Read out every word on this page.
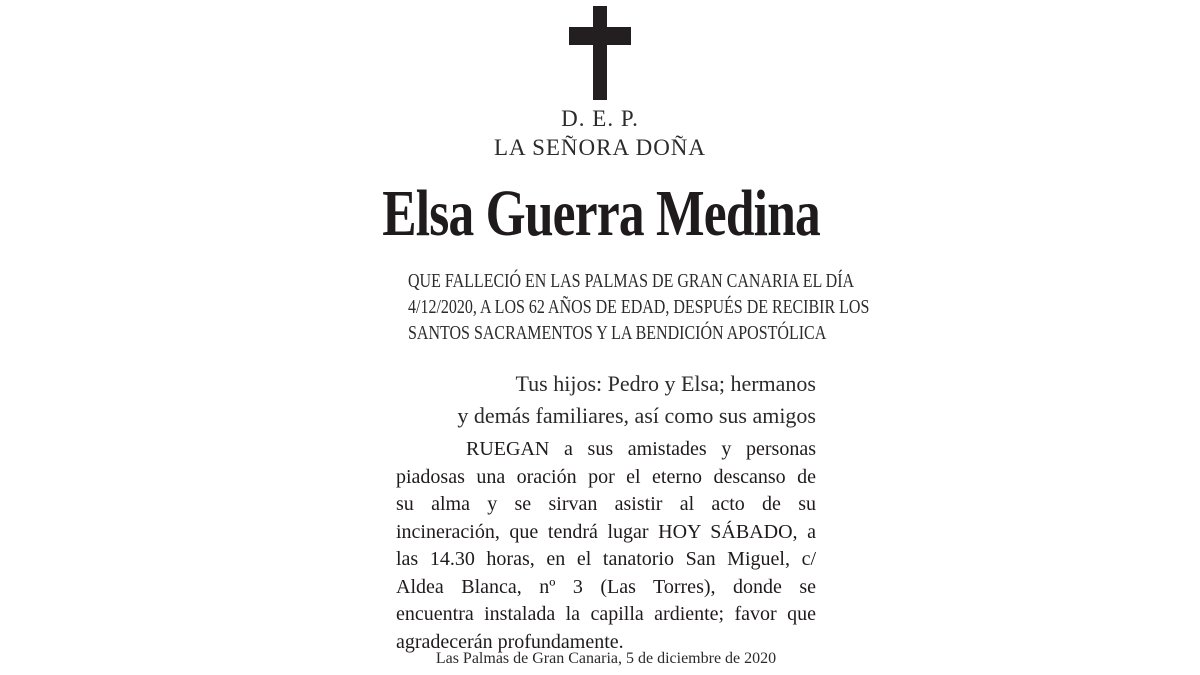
D. E. P.
LA SEÑORA DOÑA
Elsa Guerra Medina
QUE FALLECIÓ EN LAS PALMAS DE GRAN CANARIA EL DÍA
4/12/2020, A LOS 62 AÑOS DE EDAD, DESPUÉS DE RECIBIR LOS
SANTOS SACRAMENTOS Y LA BENDICIÓN APOSTÓLICA
Tus hijos: Pedro y Elsa; hermanos
y demás familiares, así como sus amigos
RUEGAN a sus amistades y personas
piadosas una oración por el eterno descanso de
su alma y se sirvan asistir al acto de su
incineración, que tendrá lugar HOY SÁBADO, a
las 14.30 horas, en el tanatorio San Miguel, c/
Aldea Blanca, nº 3 (Las Torres), donde se
encuentra instalada la capilla ardiente; favor que
agradecerán profundamente.
Las Palmas de Gran Canaria, 5 de diciembre de 2020
